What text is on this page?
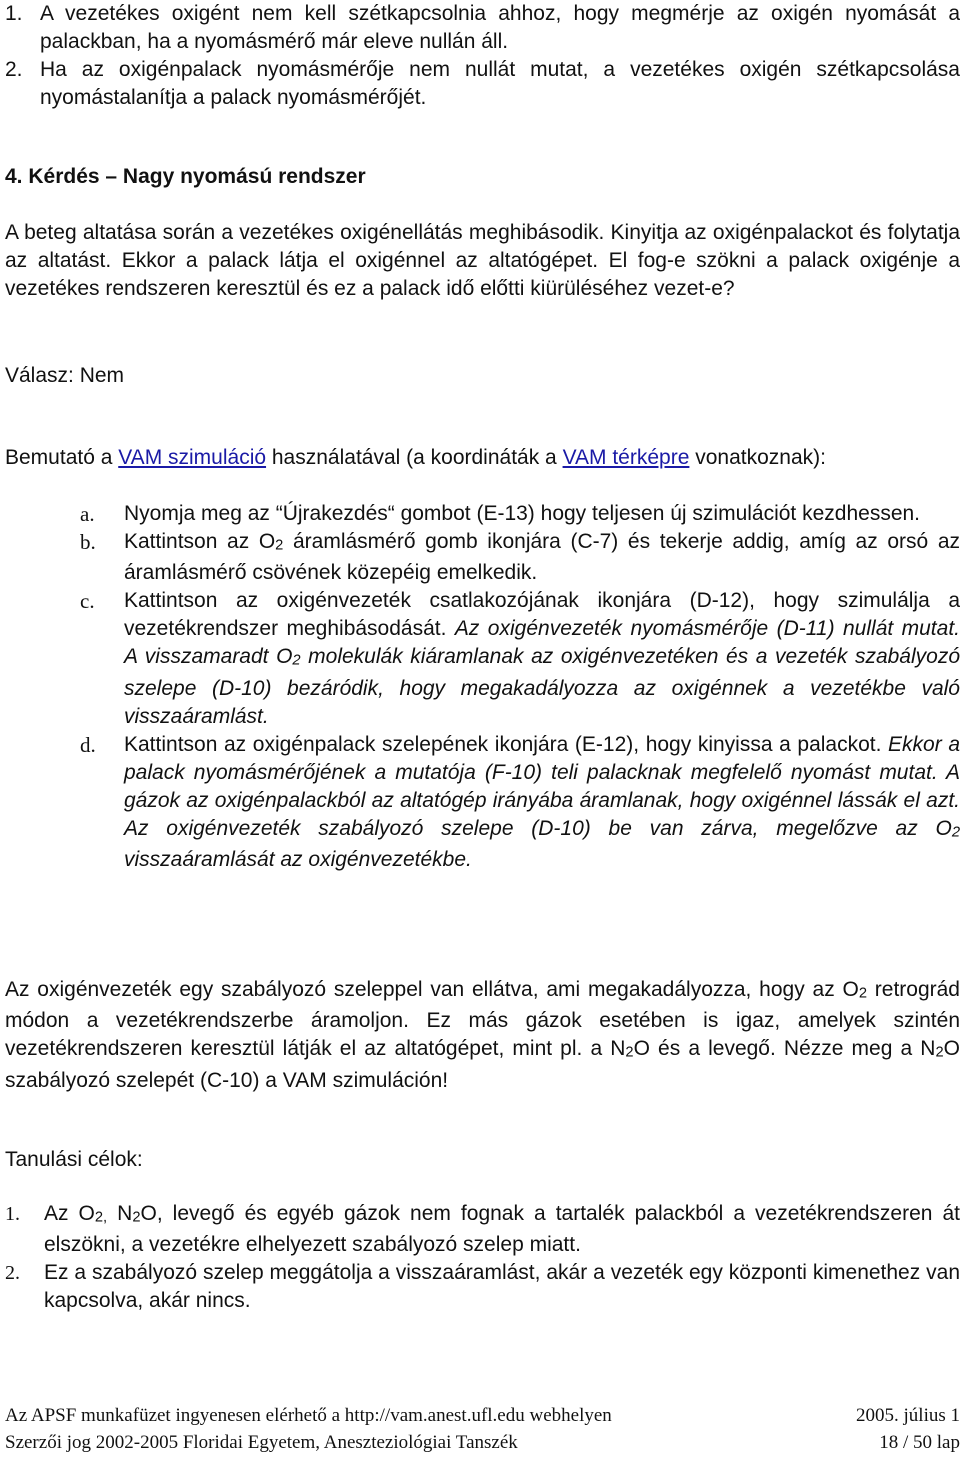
1. A vezetékes oxigént nem kell szétkapcsolnia ahhoz, hogy megmérje az oxigén nyomását a palackban, ha a nyomásmérő már eleve nullán áll.
2. Ha az oxigénpalack nyomásmérője nem nullát mutat, a vezetékes oxigén szétkapcsolása nyomástalanítja a palack nyomásmérőjét.
4. Kérdés – Nagy nyomású rendszer
A beteg altatása során a vezetékes oxigénellátás meghibásodik. Kinyitja az oxigénpalackot és folytatja az altatást. Ekkor a palack látja el oxigénnel az altatógépet. El fog-e szökni a palack oxigénje a vezetékes rendszeren keresztül és ez a palack idő előtti kiürüléséhez vezet-e?
Válasz: Nem
Bemutató a VAM szimuláció használatával (a koordináták a VAM térképre vonatkoznak):
a. Nyomja meg az “Újrakezdés“ gombot (E-13) hogy teljesen új szimulációt kezdhessen.
b. Kattintson az $O_2$ áramlásmérő gomb ikonjára (C-7) és tekerje addig, amíg az orsó az áramlásmérő csövének közepéig emelkedik.
c. Kattintson az oxigénvezeték csatlakozójának ikonjára (D-12), hogy szimulálja a vezetékrendszer meghibásodását. Az oxigénvezeték nyomásmérője (D-11) nullát mutat. A visszamaradt $O_2$ molekulák kiáramlanak az oxigénvezetéken és a vezeték szabályozó szelepe (D-10) bezáródik, hogy megakadályozza az oxigénnek a vezetékbe való visszaáramlást.
d. Kattintson az oxigénpalack szelepének ikonjára (E-12), hogy kinyissa a palackot. Ekkor a palack nyomásmérőjének a mutatója (F-10) teli palacknak megfelelő nyomást mutat. A gázok az oxigénpalackból az altatógép irányába áramlanak, hogy oxigénnel lássák el azt. Az oxigénvezeték szabályozó szelepe (D-10) be van zárva, megelőzve az $O_2$ visszaáramlását az oxigénvezetékbe.
Az oxigénvezeték egy szabályozó szeleppel van ellátva, ami megakadályozza, hogy az $O_2$ retrográd módon a vezetékrendszerbe áramoljon. Ez más gázok esetében is igaz, amelyek szintén vezetékrendszeren keresztül látják el az altatógépet, mint pl. a $N_2O$ és a levegő. Nézze meg a $N_2O$ szabályozó szelepét (C-10) a VAM szimuláción!
Tanulási célok:
1. Az $O_{2,}$ $N_2O$, levegő és egyéb gázok nem fognak a tartalék palackból a vezetékrendszeren át elszökni, a vezetékre elhelyezett szabályozó szelep miatt.
2. Ez a szabályozó szelep meggátolja a visszaáramlást, akár a vezeték egy központi kimenethez van kapcsolva, akár nincs.
Az APSF munkafüzet ingyenesen elérhető a http://vam.anest.ufl.edu webhelyen	2005. július 1
Szerzői jog 2002-2005 Floridai Egyetem, Aneszteziológiai Tanszék	18 / 50 lap
